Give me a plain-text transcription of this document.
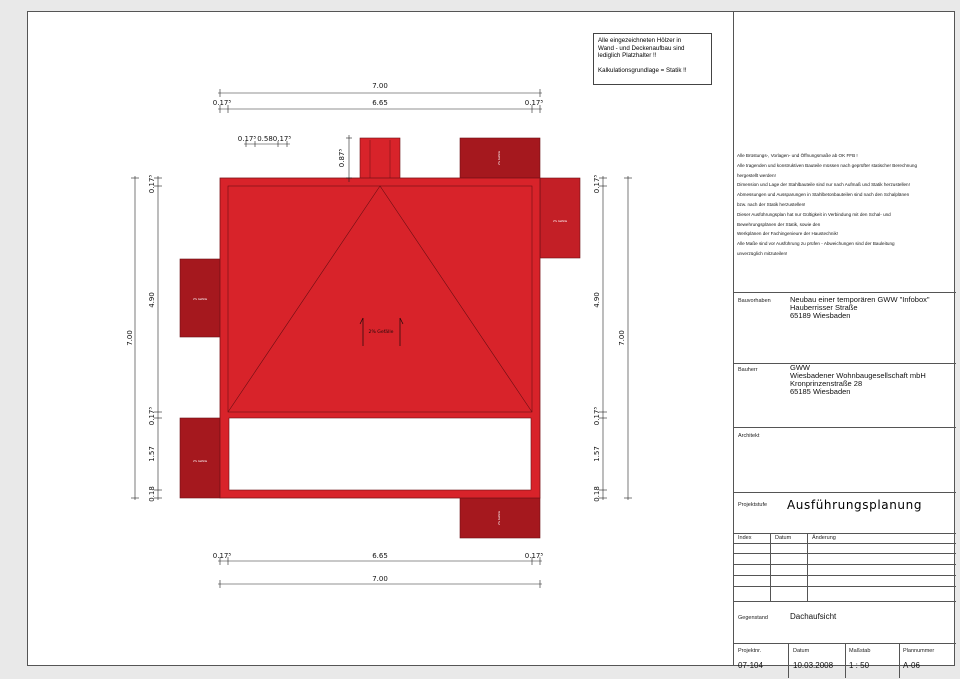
2% Gefälle
2% Gefälle
2% Gefälle
2% Gefälle
2% Gefälle
2% Gefälle
7.00
6.65
0.17⁵	0.17⁵
0.17⁵ 0.58 0.17⁵
0.87⁵
6.65
7.00
0.17⁵	0.17⁵
7.00
0.17⁵
4.90
0.17⁵
1.57
0.18
0.17⁵
4.90
0.17⁵
1.57
0.18
7.00

Alle eingezeichneten Hölzer in

Wand - und Deckenaufbau sind

lediglich Platzhalter !!

Kalkulationsgrundlage = Statik !!

Alle Brüstungs-, Vorlagen- und Öffnungsmaße ab OK FFB !
Alle tragenden und konstruktiven Bauteile müssen nach geprüfter statischer Berechnung
hergestellt werden!
Dimension und Lage der Stahlbauteile sind nur nach Aufmaß und Statik herzustellen!
Abmessungen und Aussparungen in Stahlbetonbauteilen sind nach den Schalplänen
bzw. nach der Statik herzustellen!
Dieser Ausführungsplan hat nur Gültigkeit in Verbindung mit den Schal- und
Bewehrungsplänen der Statik, sowie den
Werkplänen der Fachingenieure der Haustechnik!
Alle Maße sind vor Ausführung zu prüfen - Abweichungen sind der Bauleitung
unverzüglich mitzuteilen!
Bauvorhaben	Neubau einer temporären GWW "Infobox"
Hauberrisser Straße
65189 Wiesbaden
Bauherr	GWW
Wiesbadener Wohnbaugesellschaft mbH
Kronprinzenstraße 28
65185 Wiesbaden
Architekt
Projektstufe Ausführungsplanung
Index	Datum	Änderung
Gegenstand	Dachaufsicht
Projektnr.
07-104
Datum
10.03.2008
Maßstab
1 : 50
Plannummer
A-06
